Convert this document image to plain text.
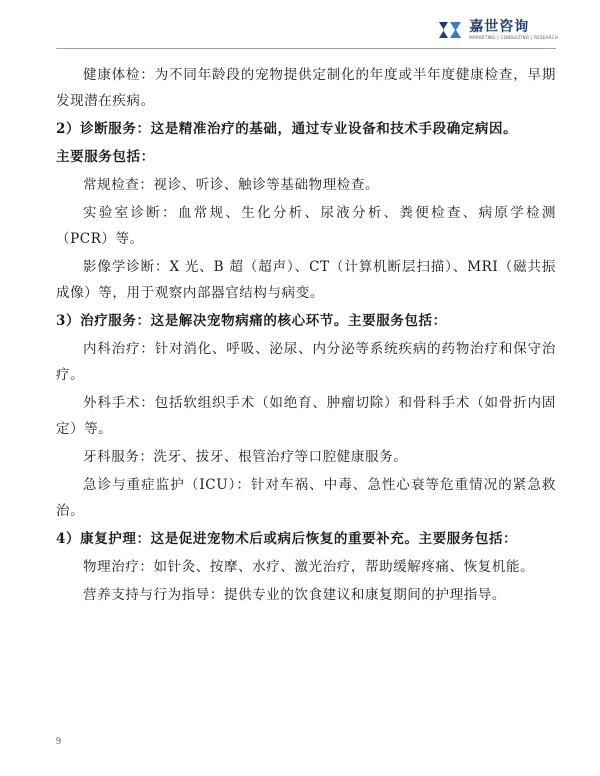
嘉世咨询
MARKETING | CONSULTING | RESEARCH

健康体检：为不同年龄段的宠物提供定制化的年度或半年度健康检查，早期发现潜在疾病。

2）诊断服务：这是精准治疗的基础，通过专业设备和技术手段确定病因。

主要服务包括：

常规检查：视诊、听诊、触诊等基础物理检查。

实验室诊断：血常规、生化分析、尿液分析、粪便检查、病原学检测（PCR）等。

影像学诊断：X 光、B 超（超声）、CT（计算机断层扫描）、MRI（磁共振成像）等，用于观察内部器官结构与病变。

3）治疗服务：这是解决宠物病痛的核心环节。主要服务包括：

内科治疗：针对消化、呼吸、泌尿、内分泌等系统疾病的药物治疗和保守治疗。

外科手术：包括软组织手术（如绝育、肿瘤切除）和骨科手术（如骨折内固定）等。

牙科服务：洗牙、拔牙、根管治疗等口腔健康服务。

急诊与重症监护（ICU）：针对车祸、中毒、急性心衰等危重情况的紧急救治。

4）康复护理：这是促进宠物术后或病后恢复的重要补充。主要服务包括：

物理治疗：如针灸、按摩、水疗、激光治疗，帮助缓解疼痛、恢复机能。

营养支持与行为指导：提供专业的饮食建议和康复期间的护理指导。

9
